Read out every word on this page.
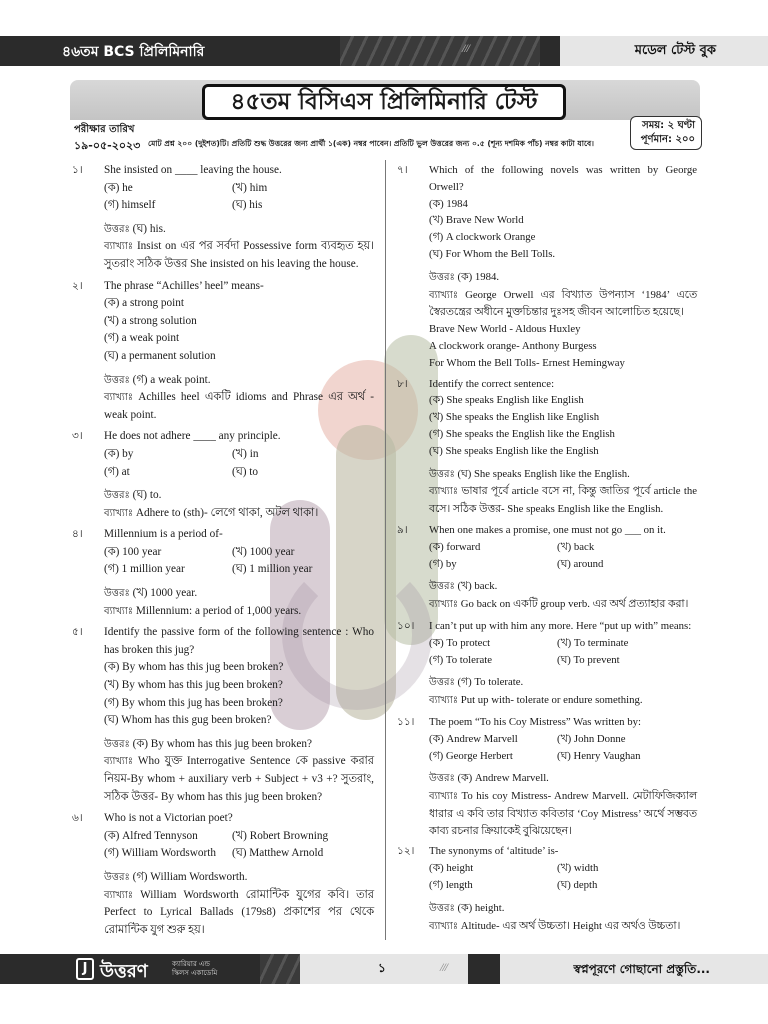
৪৬তম BCS প্রিলিমিনারি	///	মডেল টেস্ট বুক
৪৫তম বিসিএস প্রিলিমিনারি টেস্ট
পরীক্ষার তারিখ
১৯-০৫-২০২৩ মোট প্রশ্ন ২০০ (দুইশত)টি। প্রতিটি শুদ্ধ উত্তরের জন্য প্রার্থী ১(এক) নম্বর পাবেন। প্রতিটি ভুল উত্তরের জন্য ০.৫ (শূন্য দশমিক পাঁচ) নম্বর কাটা যাবে।
সময়: ২ ঘণ্টা
পূর্ণমান: ২০০
১।	She insisted on ____ leaving the house.
(ক) he	(খ) him
(গ) himself	(ঘ) his
উত্তরঃ (ঘ) his.
ব্যাখ্যাঃ Insist on এর পর সর্বদা Possessive form ব্যবহৃত হয়। সুতরাং সঠিক উত্তর She insisted on his leaving the house.
২।	The phrase “Achilles’ heel” means-
(ক) a strong point
(খ) a strong solution
(গ) a weak point
(ঘ) a permanent solution
উত্তরঃ (গ) a weak point.
ব্যাখ্যাঃ Achilles heel একটি idioms and Phrase এর অর্থ -weak point.
৩।	He does not adhere ____ any principle.
(ক) by	(খ) in
(গ) at	(ঘ) to
উত্তরঃ (ঘ) to.
ব্যাখ্যাঃ Adhere to (sth)- লেগে থাকা, অটল থাকা।
৪।	Millennium is a period of-
(ক) 100 year	(খ) 1000 year
(গ) 1 million year	(ঘ) 1 million year
উত্তরঃ (খ) 1000 year.
ব্যাখ্যাঃ Millennium: a period of 1,000 years.
৫।	Identify the passive form of the following sentence : Who has broken this jug?
(ক) By whom has this jug been broken?
(খ) By whom has this jug been broken?
(গ) By whom this jug has been broken?
(ঘ) Whom has this gug been broken?
উত্তরঃ (ক) By whom has this jug been broken?
ব্যাখ্যাঃ Who যুক্ত Interrogative Sentence কে passive করার নিয়ম-By whom + auxiliary verb + Subject + v3 +? সুতরাং, সঠিক উত্তর- By whom has this jug been broken?
৬।	Who is not a Victorian poet?
(ক) Alfred Tennyson	(খ) Robert Browning
(গ) William Wordsworth	(ঘ) Matthew Arnold
উত্তরঃ (গ) William Wordsworth.
ব্যাখ্যাঃ William Wordsworth রোমান্টিক যুগের কবি। তার Perfect to Lyrical Ballads (179s8) প্রকাশের পর থেকে রোমান্টিক যুগ শুরু হয়।
৭।	Which of the following novels was written by George Orwell?
(ক) 1984
(খ) Brave New World
(গ) A clockwork Orange
(ঘ) For Whom the Bell Tolls.
উত্তরঃ (ক) 1984.
ব্যাখ্যাঃ George Orwell এর বিখ্যাত উপন্যাস ‘1984’ এতে স্বৈরতন্ত্রের অধীনে মুক্তচিন্তার দুঃসহ জীবন আলোচিত হয়েছে।
Brave New World - Aldous Huxley
A clockwork orange- Anthony Burgess
For Whom the Bell Tolls- Ernest Hemingway
৮।	Identify the correct sentence:
(ক) She speaks English like English
(খ) She speaks the English like English
(গ) She speaks the English like the English
(ঘ) She speaks English like the English
উত্তরঃ (ঘ) She speaks English like the English.
ব্যাখ্যাঃ ভাষার পূর্বে article বসে না, কিন্তু জাতির পূর্বে article the বসে। সঠিক উত্তর- She speaks English like the English.
৯।	When one makes a promise, one must not go ___ on it.
(ক) forward	(খ) back
(গ) by	(ঘ) around
উত্তরঃ (খ) back.
ব্যাখ্যাঃ Go back on একটি group verb. এর অর্থ প্রত্যাহার করা।
১০।	I can’t put up with him any more. Here “put up with” means:
(ক) To protect	(খ) To terminate
(গ) To tolerate	(ঘ) To prevent
উত্তরঃ (গ) To tolerate.
ব্যাখ্যাঃ Put up with- tolerate or endure something.
১১।	The poem “To his Coy Mistress” Was written by:
(ক) Andrew Marvell	(খ) John Donne
(গ) George Herbert	(ঘ) Henry Vaughan
উত্তরঃ (ক) Andrew Marvell.
ব্যাখ্যাঃ To his coy Mistress- Andrew Marvell. মেটাফিজিক্যাল ধারার এ কবি তার বিখ্যাত কবিতার ‘Coy Mistress’ অর্থে সম্ভবত কাব্য রচনার ক্রিয়াকেই বুঝিয়েছেন।
১২।	The synonyms of ‘altitude’ is-
(ক) height	(খ) width
(গ) length	(ঘ) depth
উত্তরঃ (ক) height.
ব্যাখ্যাঃ Altitude- এর অর্থ উচ্চতা। Height এর অর্থও উচ্চতা।
J উত্তরণ	ক্যারিয়ার এন্ড
স্কিলস একাডেমি	১	///	স্বপ্নপূরণে গোছানো প্রস্তুতি...
